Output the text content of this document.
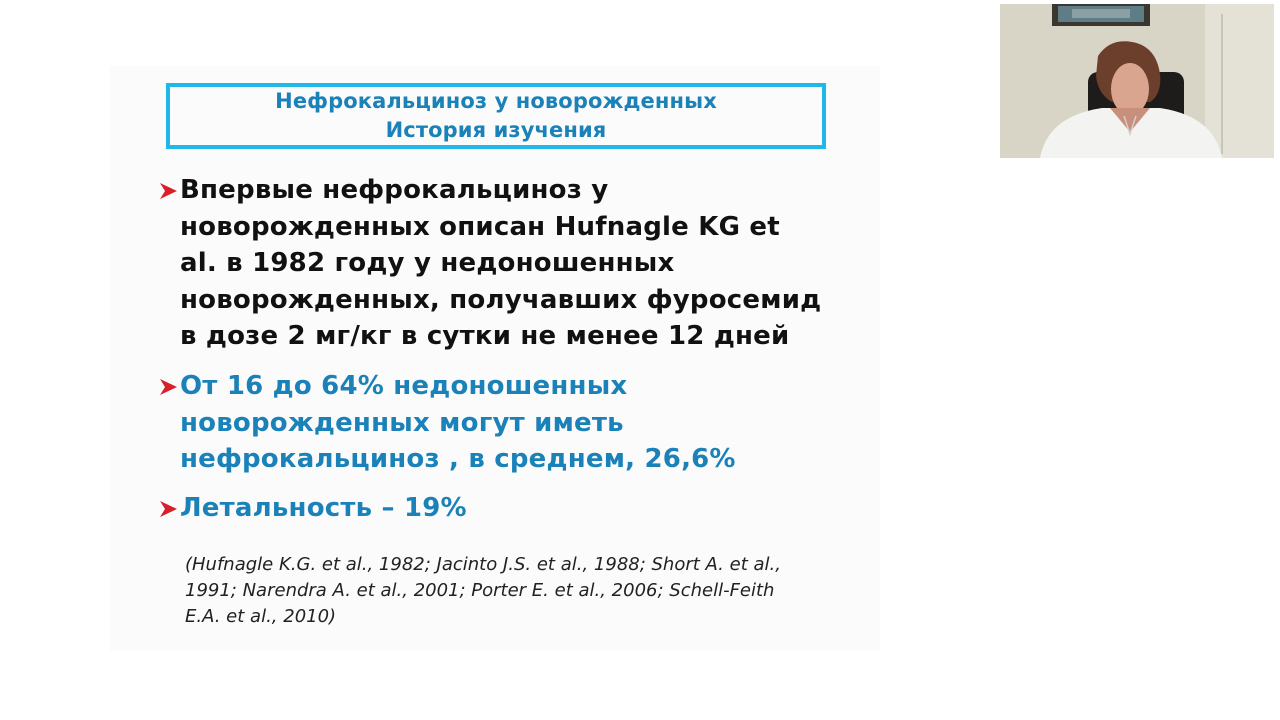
Нефрокальциноз у новорожденных
История изучения
Впервые нефрокальциноз у
новорожденных описан Hufnagle KG et
al. в 1982 году у недоношенных
новорожденных, получавших фуросемид
в дозе 2 мг/кг в сутки не менее 12 дней
От 16 до 64% недоношенных
новорожденных могут иметь
нефрокальциноз , в среднем, 26,6%
Летальность – 19%
(Hufnagle K.G. et al., 1982; Jacinto J.S. et al., 1988; Short A. et al.,
1991; Narendra A. et al., 2001; Porter E. et al., 2006; Schell-Feith
E.A. et al., 2010)
